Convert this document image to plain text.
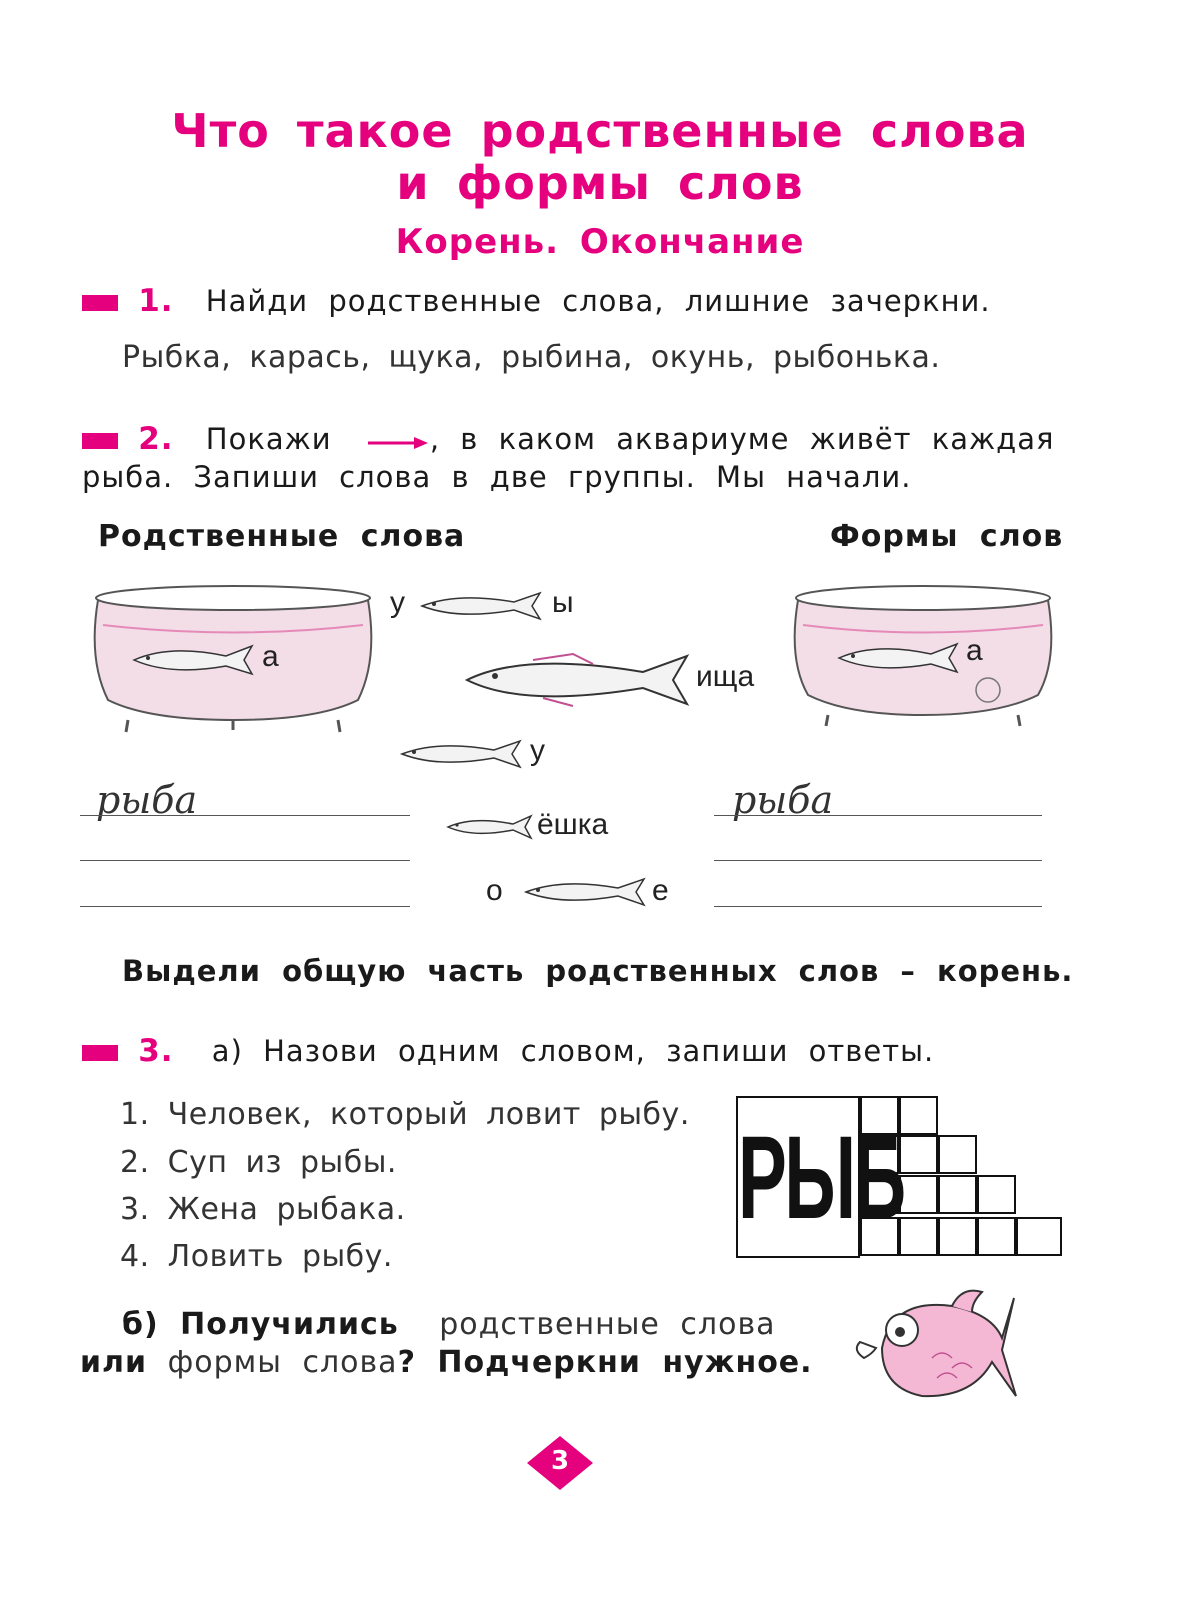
Что такое родственные слова
и формы слов
Корень. Окончание
1. Найди родственные слова, лишние зачеркни.
Рыбка, карась, щука, рыбина, окунь, рыбонька.
2. Покажи	, в каком аквариуме живёт каждая
рыба. Запиши слова в две группы. Мы начали.
Родственные слова	Формы слов
а	а
у	ы
ища
у
ёшка
о	е
рыба	рыба
Выдели общую часть родственных слов – корень.
3. а) Назови одним словом, запиши ответы.
1. Человек, который ловит рыбу.
2. Суп из рыбы.
3. Жена рыбака.
4. Ловить рыбу.
РЫБ
б) Получились родственные слова
или формы слова? Подчеркни нужное.
3
